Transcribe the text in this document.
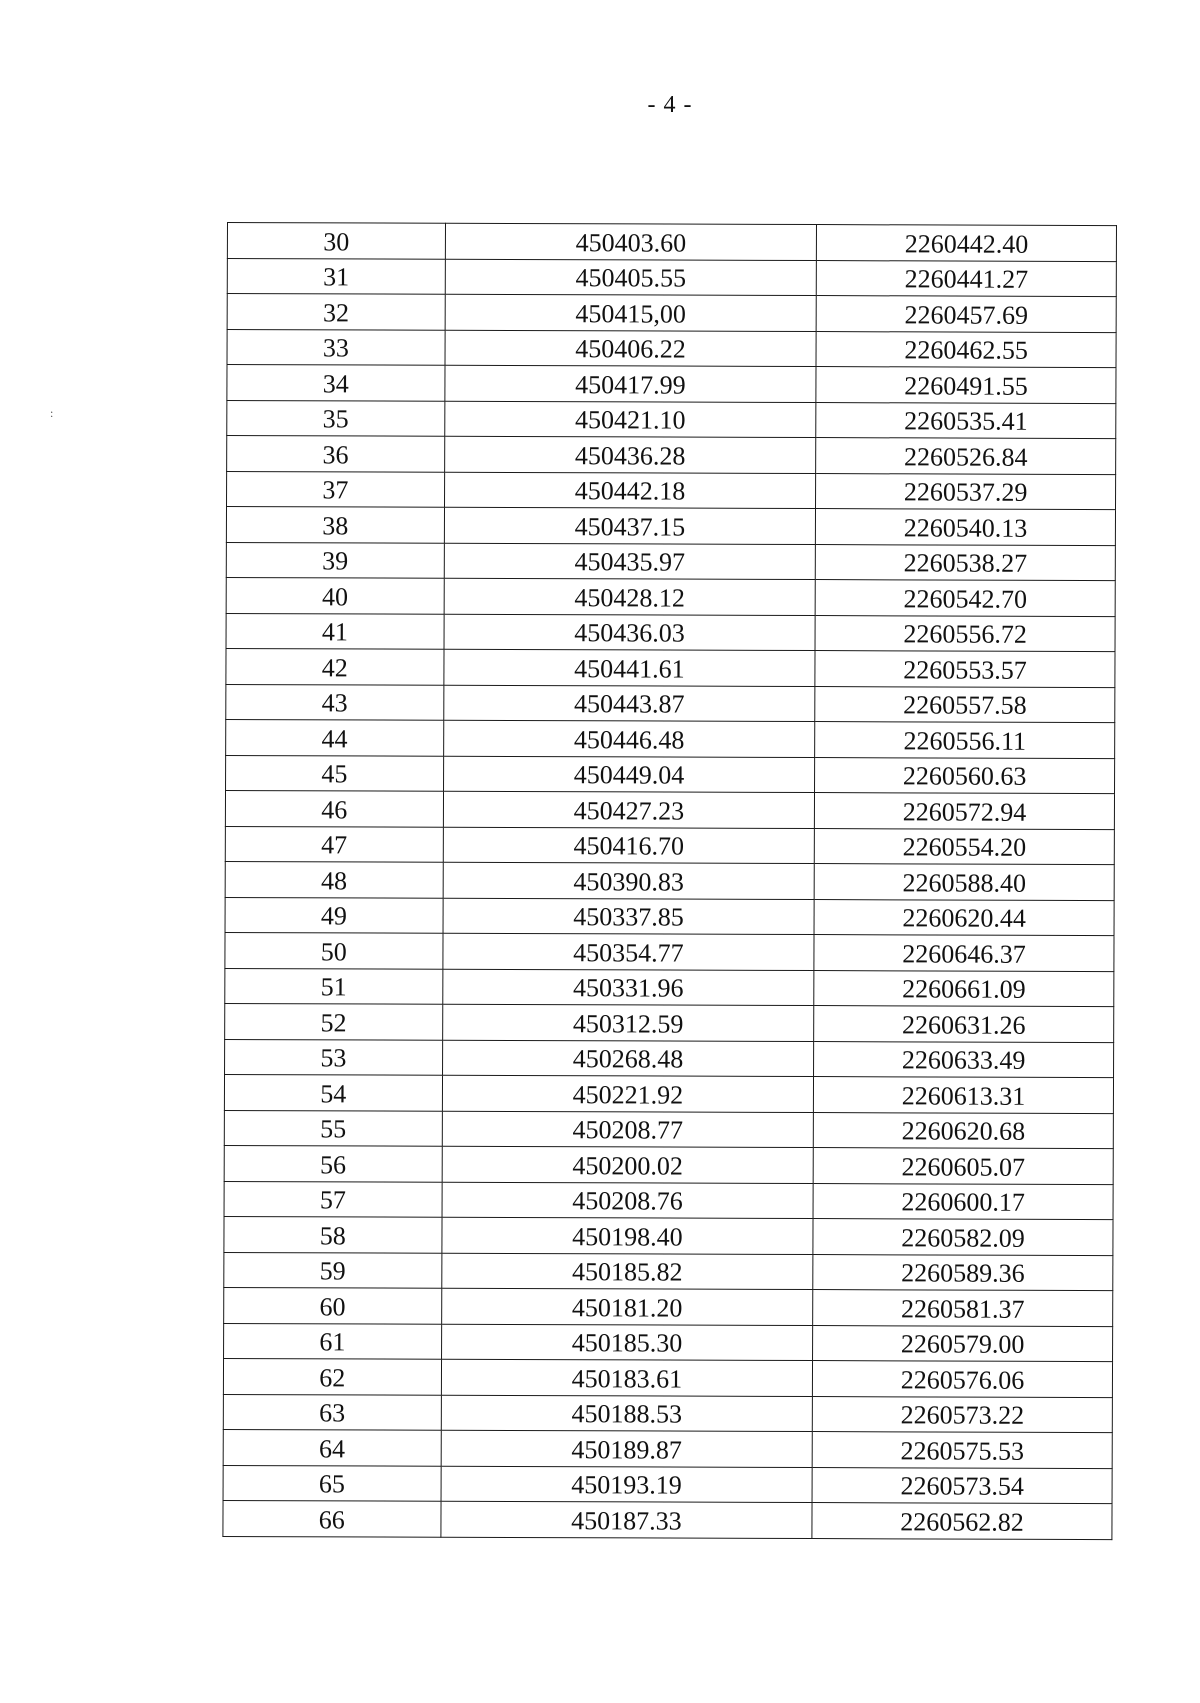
- 4 -
:
30	450403.60	2260442.40
31	450405.55	2260441.27
32	450415,00	2260457.69
33	450406.22	2260462.55
34	450417.99	2260491.55
35	450421.10	2260535.41
36	450436.28	2260526.84
37	450442.18	2260537.29
38	450437.15	2260540.13
39	450435.97	2260538.27
40	450428.12	2260542.70
41	450436.03	2260556.72
42	450441.61	2260553.57
43	450443.87	2260557.58
44	450446.48	2260556.11
45	450449.04	2260560.63
46	450427.23	2260572.94
47	450416.70	2260554.20
48	450390.83	2260588.40
49	450337.85	2260620.44
50	450354.77	2260646.37
51	450331.96	2260661.09
52	450312.59	2260631.26
53	450268.48	2260633.49
54	450221.92	2260613.31
55	450208.77	2260620.68
56	450200.02	2260605.07
57	450208.76	2260600.17
58	450198.40	2260582.09
59	450185.82	2260589.36
60	450181.20	2260581.37
61	450185.30	2260579.00
62	450183.61	2260576.06
63	450188.53	2260573.22
64	450189.87	2260575.53
65	450193.19	2260573.54
66	450187.33	2260562.82
